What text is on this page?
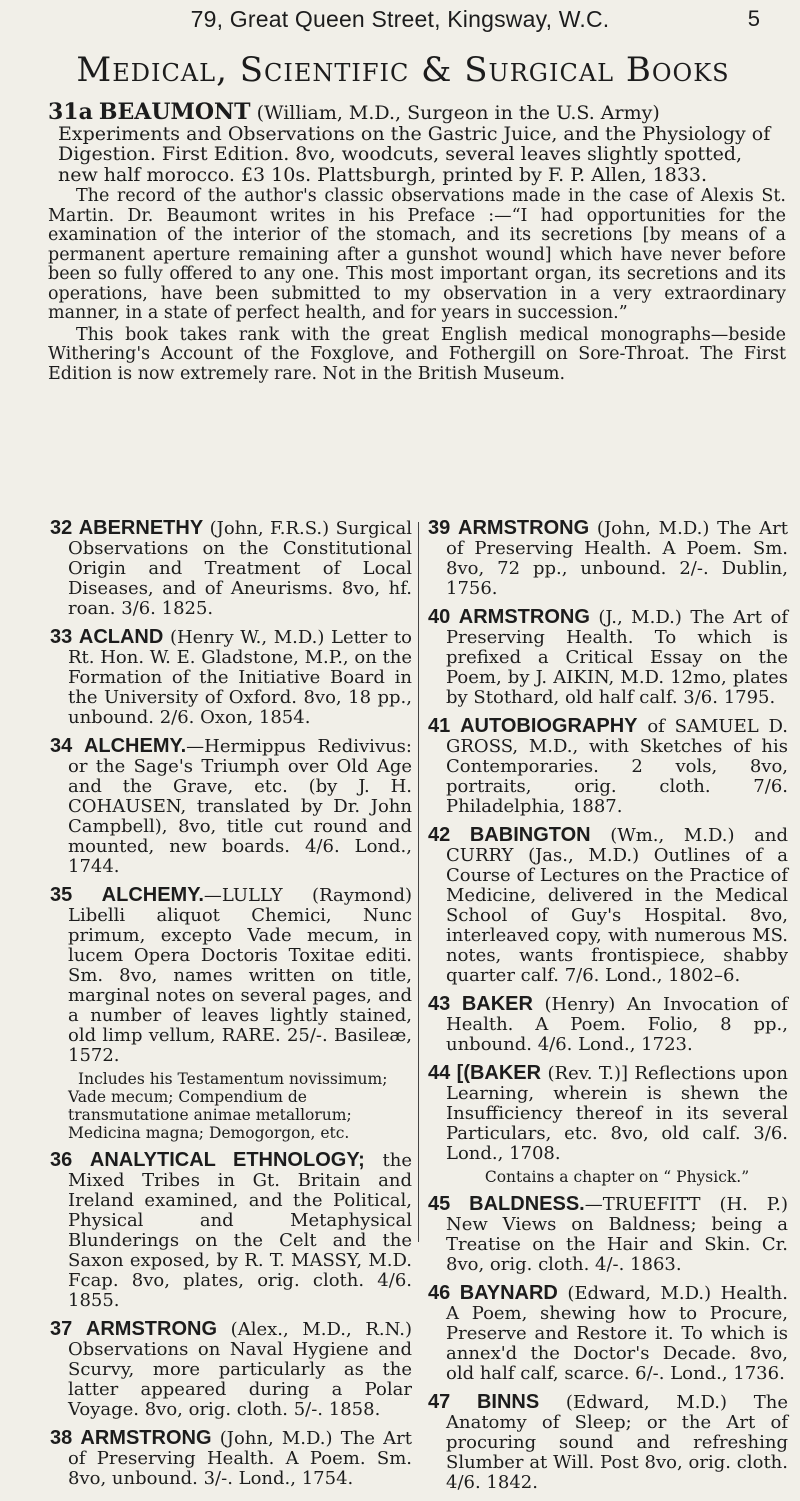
79, Great Queen Street, Kingsway, W.C.	5
Medical, Scientific & Surgical Books

31a BEAUMONT (William, M.D., Surgeon in the U.S. Army) Experiments and Observations on the Gastric Juice, and the Physiology of Digestion. First Edition. 8vo, woodcuts, several leaves slightly spotted, new half morocco. £3 10s. Plattsburgh, printed by F. P. Allen, 1833.

The record of the author's classic observations made in the case of Alexis St. Martin. Dr. Beaumont writes in his Preface :—“I had opportunities for the examination of the interior of the stomach, and its secretions [by means of a permanent aperture remaining after a gunshot wound] which have never before been so fully offered to any one. This most important organ, its secretions and its operations, have been submitted to my observation in a very extraordinary manner, in a state of perfect health, and for years in succession.”

This book takes rank with the great English medical monographs—beside Withering's Account of the Foxglove, and Fothergill on Sore-Throat. The First Edition is now extremely rare. Not in the British Museum.

32 ABERNETHY (John, F.R.S.) Surgical Observations on the Constitutional Origin and Treatment of Local Diseases, and of Aneurisms. 8vo, hf. roan. 3/6. 1825.
33 ACLAND (Henry W., M.D.) Letter to Rt. Hon. W. E. Gladstone, M.P., on the Formation of the Initiative Board in the University of Oxford. 8vo, 18 pp., unbound. 2/6. Oxon, 1854.
34 ALCHEMY.—Hermippus Redivivus: or the Sage's Triumph over Old Age and the Grave, etc. (by J. H. COHAUSEN, translated by Dr. John Campbell), 8vo, title cut round and mounted, new boards. 4/6. Lond., 1744.
35 ALCHEMY.—LULLY (Raymond) Libelli aliquot Chemici, Nunc primum, excepto Vade mecum, in lucem Opera Doctoris Toxitae editi. Sm. 8vo, names written on title, marginal notes on several pages, and a number of leaves lightly stained, old limp vellum, RARE. 25/-. Basileæ, 1572.
Includes his Testamentum novissimum; Vade mecum; Compendium de transmutatione animae metallorum; Medicina magna; Demogorgon, etc.
36 ANALYTICAL ETHNOLOGY; the Mixed Tribes in Gt. Britain and Ireland examined, and the Political, Physical and Metaphysical Blunderings on the Celt and the Saxon exposed, by R. T. MASSY, M.D. Fcap. 8vo, plates, orig. cloth. 4/6. 1855.
37 ARMSTRONG (Alex., M.D., R.N.) Observations on Naval Hygiene and Scurvy, more particularly as the latter appeared during a Polar Voyage. 8vo, orig. cloth. 5/-. 1858.
38 ARMSTRONG (John, M.D.) The Art of Preserving Health. A Poem. Sm. 8vo, unbound. 3/-. Lond., 1754.
39 ARMSTRONG (John, M.D.) The Art of Preserving Health. A Poem. Sm. 8vo, 72 pp., unbound. 2/-. Dublin, 1756.
40 ARMSTRONG (J., M.D.) The Art of Preserving Health. To which is prefixed a Critical Essay on the Poem, by J. AIKIN, M.D. 12mo, plates by Stothard, old half calf. 3/6. 1795.
41 AUTOBIOGRAPHY of SAMUEL D. GROSS, M.D., with Sketches of his Contemporaries. 2 vols, 8vo, portraits, orig. cloth. 7/6. Philadelphia, 1887.
42 BABINGTON (Wm., M.D.) and CURRY (Jas., M.D.) Outlines of a Course of Lectures on the Practice of Medicine, delivered in the Medical School of Guy's Hospital. 8vo, interleaved copy, with numerous MS. notes, wants frontispiece, shabby quarter calf. 7/6. Lond., 1802–6.
43 BAKER (Henry) An Invocation of Health. A Poem. Folio, 8 pp., unbound. 4/6. Lond., 1723.
44 [(BAKER (Rev. T.)] Reflections upon Learning, wherein is shewn the Insufficiency thereof in its several Particulars, etc. 8vo, old calf. 3/6. Lond., 1708.
Contains a chapter on “ Physick.”
45 BALDNESS.—TRUEFITT (H. P.) New Views on Baldness; being a Treatise on the Hair and Skin. Cr. 8vo, orig. cloth. 4/-. 1863.
46 BAYNARD (Edward, M.D.) Health. A Poem, shewing how to Procure, Preserve and Restore it. To which is annex'd the Doctor's Decade. 8vo, old half calf, scarce. 6/-. Lond., 1736.
47 BINNS (Edward, M.D.) The Anatomy of Sleep; or the Art of procuring sound and refreshing Slumber at Will. Post 8vo, orig. cloth. 4/6. 1842.
